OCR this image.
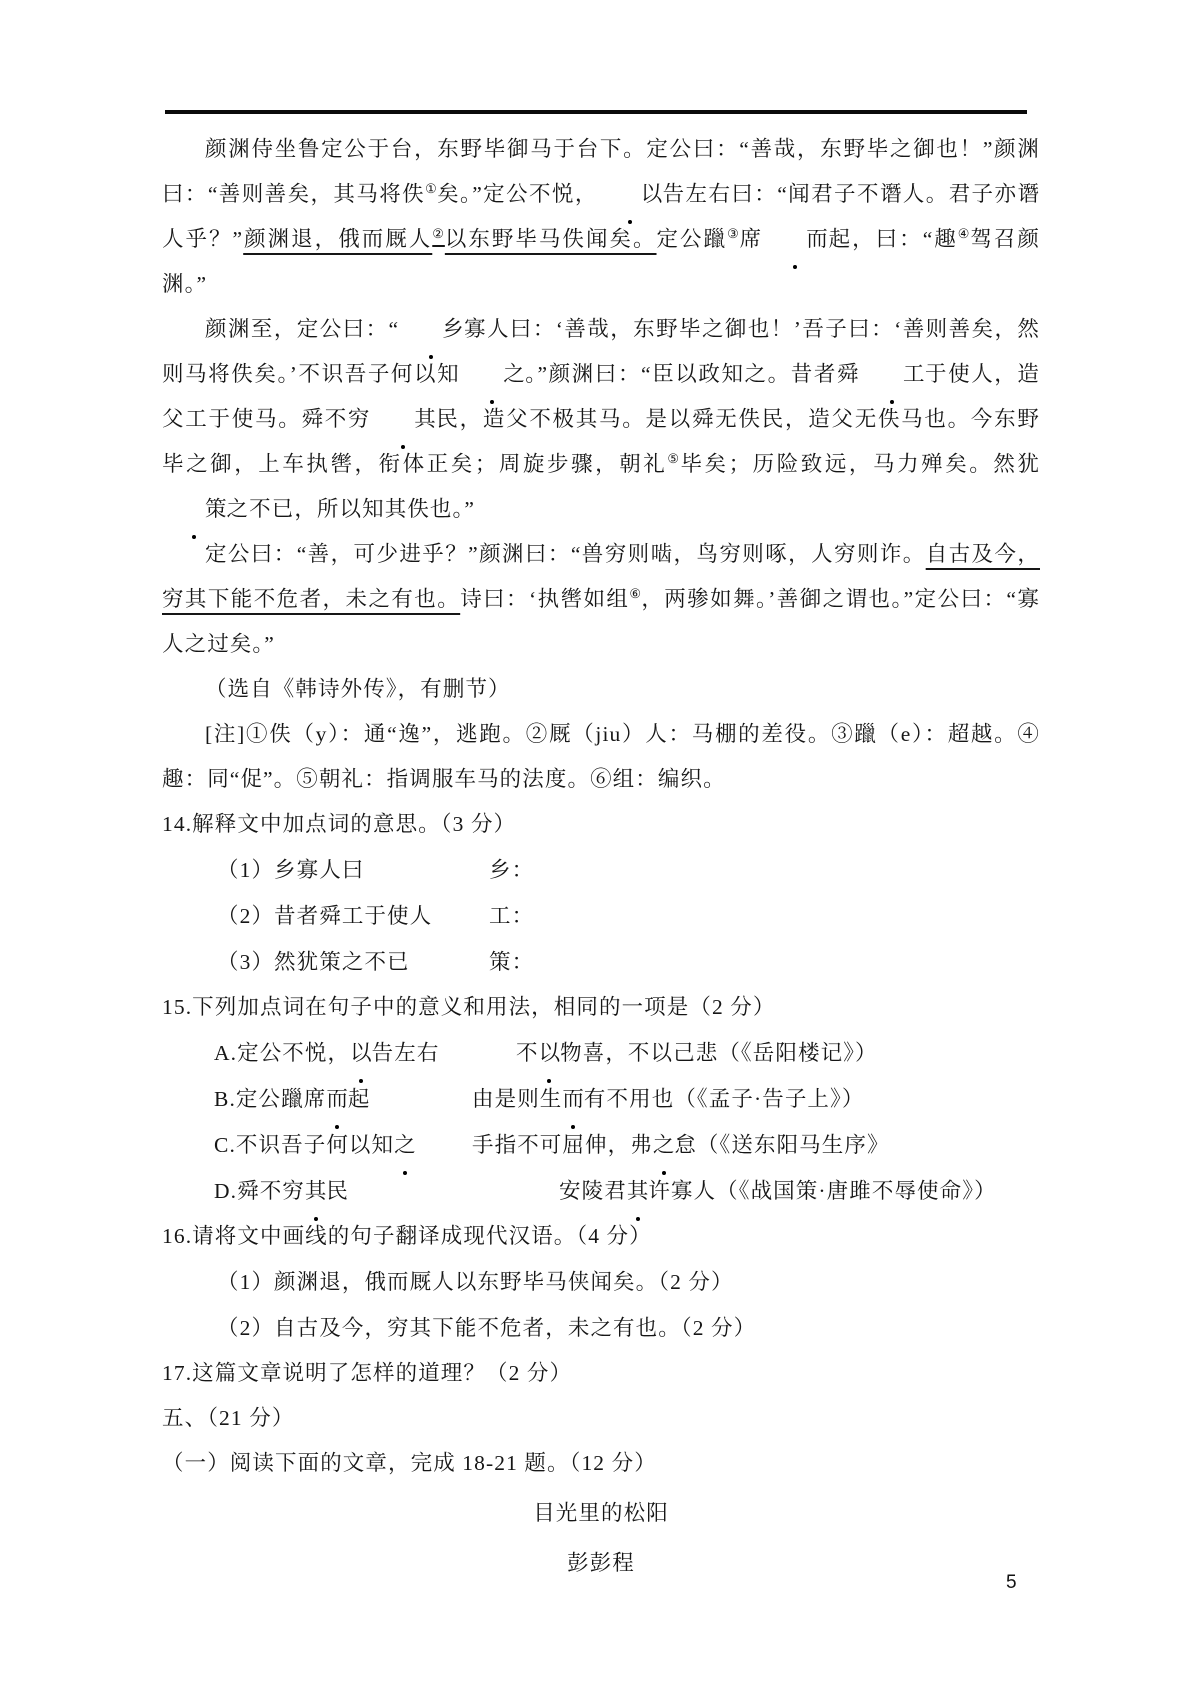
颜渊侍坐鲁定公于台，东野毕御马于台下。定公曰：“善哉，东野毕之御也！”颜渊曰：“善则善矣，其马将佚①矣。”定公不悦， 以告左右曰：“闻君子不谮人。君子亦谮人乎？”颜渊退，俄而厩人②以东野毕马佚闻矣。定公躐③席 而起，曰：“趣④驾召颜渊。”

颜渊至，定公曰：“ 乡寡人曰：‘善哉，东野毕之御也！’吾子曰：‘善则善矣，然则马将佚矣。’不识吾子何以知 之。”颜渊曰：“臣以政知之。昔者舜 工于使人，造父工于使马。舜不穷 其民，造父不极其马。是以舜无佚民，造父无佚马也。今东野毕之御，上车执辔，衔体正矣；周旋步骤，朝礼⑤毕矣；历险致远，马力殚矣。然犹策之不已，所以知其佚也。”

定公曰：“善，可少进乎？”颜渊曰：“兽穷则啮，鸟穷则啄，人穷则诈。自古及今，穷其下能不危者，未之有也。诗曰：‘执辔如组⑥，两骖如舞。’善御之谓也。”定公曰：“寡人之过矣。”

（选自《韩诗外传》，有删节）

[注]①佚（y）：通“逸”，逃跑。②厩（jiu）人：马棚的差役。③躐（e）：超越。④趣：同“促”。⑤朝礼：指调服车马的法度。⑥组：编织。

14.解释文中加点词的意思。（3 分）

（1）乡寡人曰	乡：

（2）昔者舜工于使人	工：

（3）然犹策之不已	策：

15.下列加点词在句子中的意义和用法，相同的一项是（2 分）

A.定公不悦，以告左右	不以物喜，不以己悲（《岳阳楼记》）

B.定公躐席而起	由是则生而有不用也（《孟子·告子上》）

C.不识吾子何以知之	手指不可屈伸，弗之怠（《送东阳马生序》

D.舜不穷其民	安陵君其许寡人（《战国策·唐雎不辱使命》）

16.请将文中画线的句子翻译成现代汉语。（4 分）

（1）颜渊退，俄而厩人以东野毕马侠闻矣。（2 分）

（2）自古及今，穷其下能不危者，未之有也。（2 分）

17.这篇文章说明了怎样的道理？（2 分）

五、（21 分）

（一）阅读下面的文章，完成 18-21 题。（12 分）

目光里的松阳

彭彭程

5
